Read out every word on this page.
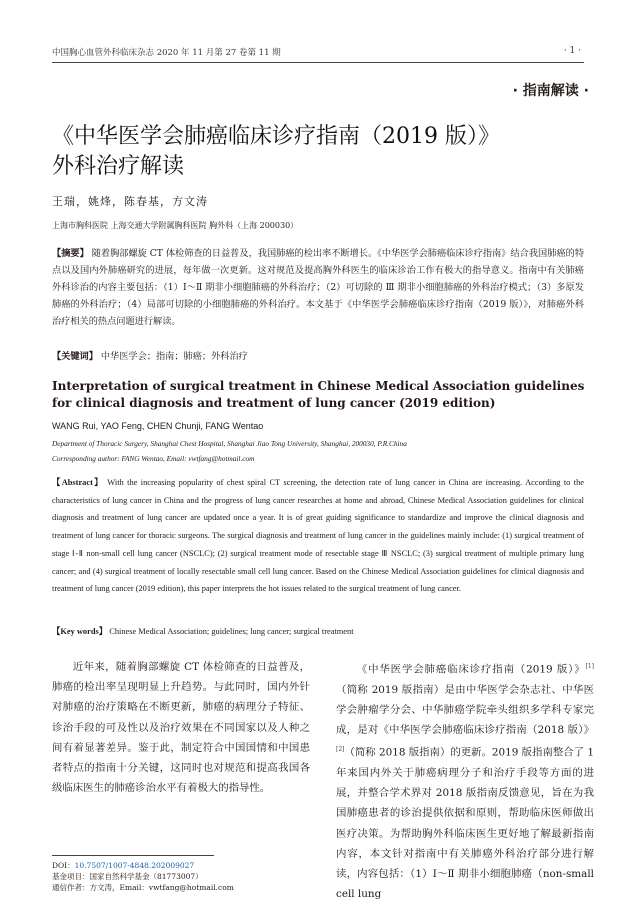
中国胸心血管外科临床杂志 2020 年 11 月第 27 卷第 11 期	· 1 ·
· 指南解读 ·
《中华医学会肺癌临床诊疗指南（2019 版）》
外科治疗解读
王瑞，姚烽，陈春基，方文涛
上海市胸科医院 上海交通大学附属胸科医院 胸外科（上海 200030）
【摘要】 随着胸部螺旋 CT 体检筛查的日益普及，我国肺癌的检出率不断增长。《中华医学会肺癌临床诊疗指南》结合我国肺癌的特点以及国内外肺癌研究的进展，每年做一次更新。这对规范及提高胸外科医生的临床诊治工作有极大的指导意义。指南中有关肺癌外科诊治的内容主要包括：（1）Ⅰ～Ⅱ 期非小细胞肺癌的外科治疗；（2）可切除的 Ⅲ 期非小细胞肺癌的外科治疗模式；（3）多原发肺癌的外科治疗；（4）局部可切除的小细胞肺癌的外科治疗。本文基于《中华医学会肺癌临床诊疗指南（2019 版）》，对肺癌外科治疗相关的热点问题进行解读。
【关键词】 中华医学会；指南；肺癌；外科治疗
Interpretation of surgical treatment in Chinese Medical Association guidelines for clinical diagnosis and treatment of lung cancer (2019 edition)
WANG Rui, YAO Feng, CHEN Chunji, FANG Wentao
Department of Thoracic Surgery, Shanghai Chest Hospital, Shanghai Jiao Tong University, Shanghai, 200030, P.R.China
Corresponding author: FANG Wentao, Email: vwtfang@hotmail.com
【Abstract】 With the increasing popularity of chest spiral CT screening, the detection rate of lung cancer in China are increasing. According to the characteristics of lung cancer in China and the progress of lung cancer researches at home and abroad, Chinese Medical Association guidelines for clinical diagnosis and treatment of lung cancer are updated once a year. It is of great guiding significance to standardize and improve the clinical diagnosis and treatment of lung cancer for thoracic surgeons. The surgical diagnosis and treatment of lung cancer in the guidelines mainly include: (1) surgical treatment of stage Ⅰ-Ⅱ non-small cell lung cancer (NSCLC); (2) surgical treatment mode of resectable stage Ⅲ NSCLC; (3) surgical treatment of multiple primary lung cancer; and (4) surgical treatment of locally resectable small cell lung cancer. Based on the Chinese Medical Association guidelines for clinical diagnosis and treatment of lung cancer (2019 edition), this paper interprets the hot issues related to the surgical treatment of lung cancer.
【Key words】 Chinese Medical Association; guidelines; lung cancer; surgical treatment
近年来，随着胸部螺旋 CT 体检筛查的日益普及，肺癌的检出率呈现明显上升趋势。与此同时，国内外针对肺癌的治疗策略在不断更新，肺癌的病理分子特征、诊治手段的可及性以及治疗效果在不同国家以及人种之间有着显著差异。鉴于此，制定符合中国国情和中国患者特点的指南十分关键，这同时也对规范和提高我国各级临床医生的肺癌诊治水平有着极大的指导性。
《中华医学会肺癌临床诊疗指南（2019 版）》[1]（简称 2019 版指南）是由中华医学会杂志社、中华医学会肿瘤学分会、中华肺癌学院牵头组织多学科专家完成，是对《中华医学会肺癌临床诊疗指南（2018 版）》[2]（简称 2018 版指南）的更新。2019 版指南整合了 1 年来国内外关于肺癌病理分子和治疗手段等方面的进展，并整合学术界对 2018 版指南反馈意见，旨在为我国肺癌患者的诊治提供依据和原则，帮助临床医师做出医疗决策。为帮助胸外科临床医生更好地了解最新指南内容，本文针对指南中有关肺癌外科治疗部分进行解读，内容包括：（1）Ⅰ～Ⅱ 期非小细胞肺癌（non-small cell lung
DOI：10.7507/1007-4848.202009027
基金项目：国家自然科学基金（81773007）
通信作者：方文涛，Email：vwtfang@hotmail.com
